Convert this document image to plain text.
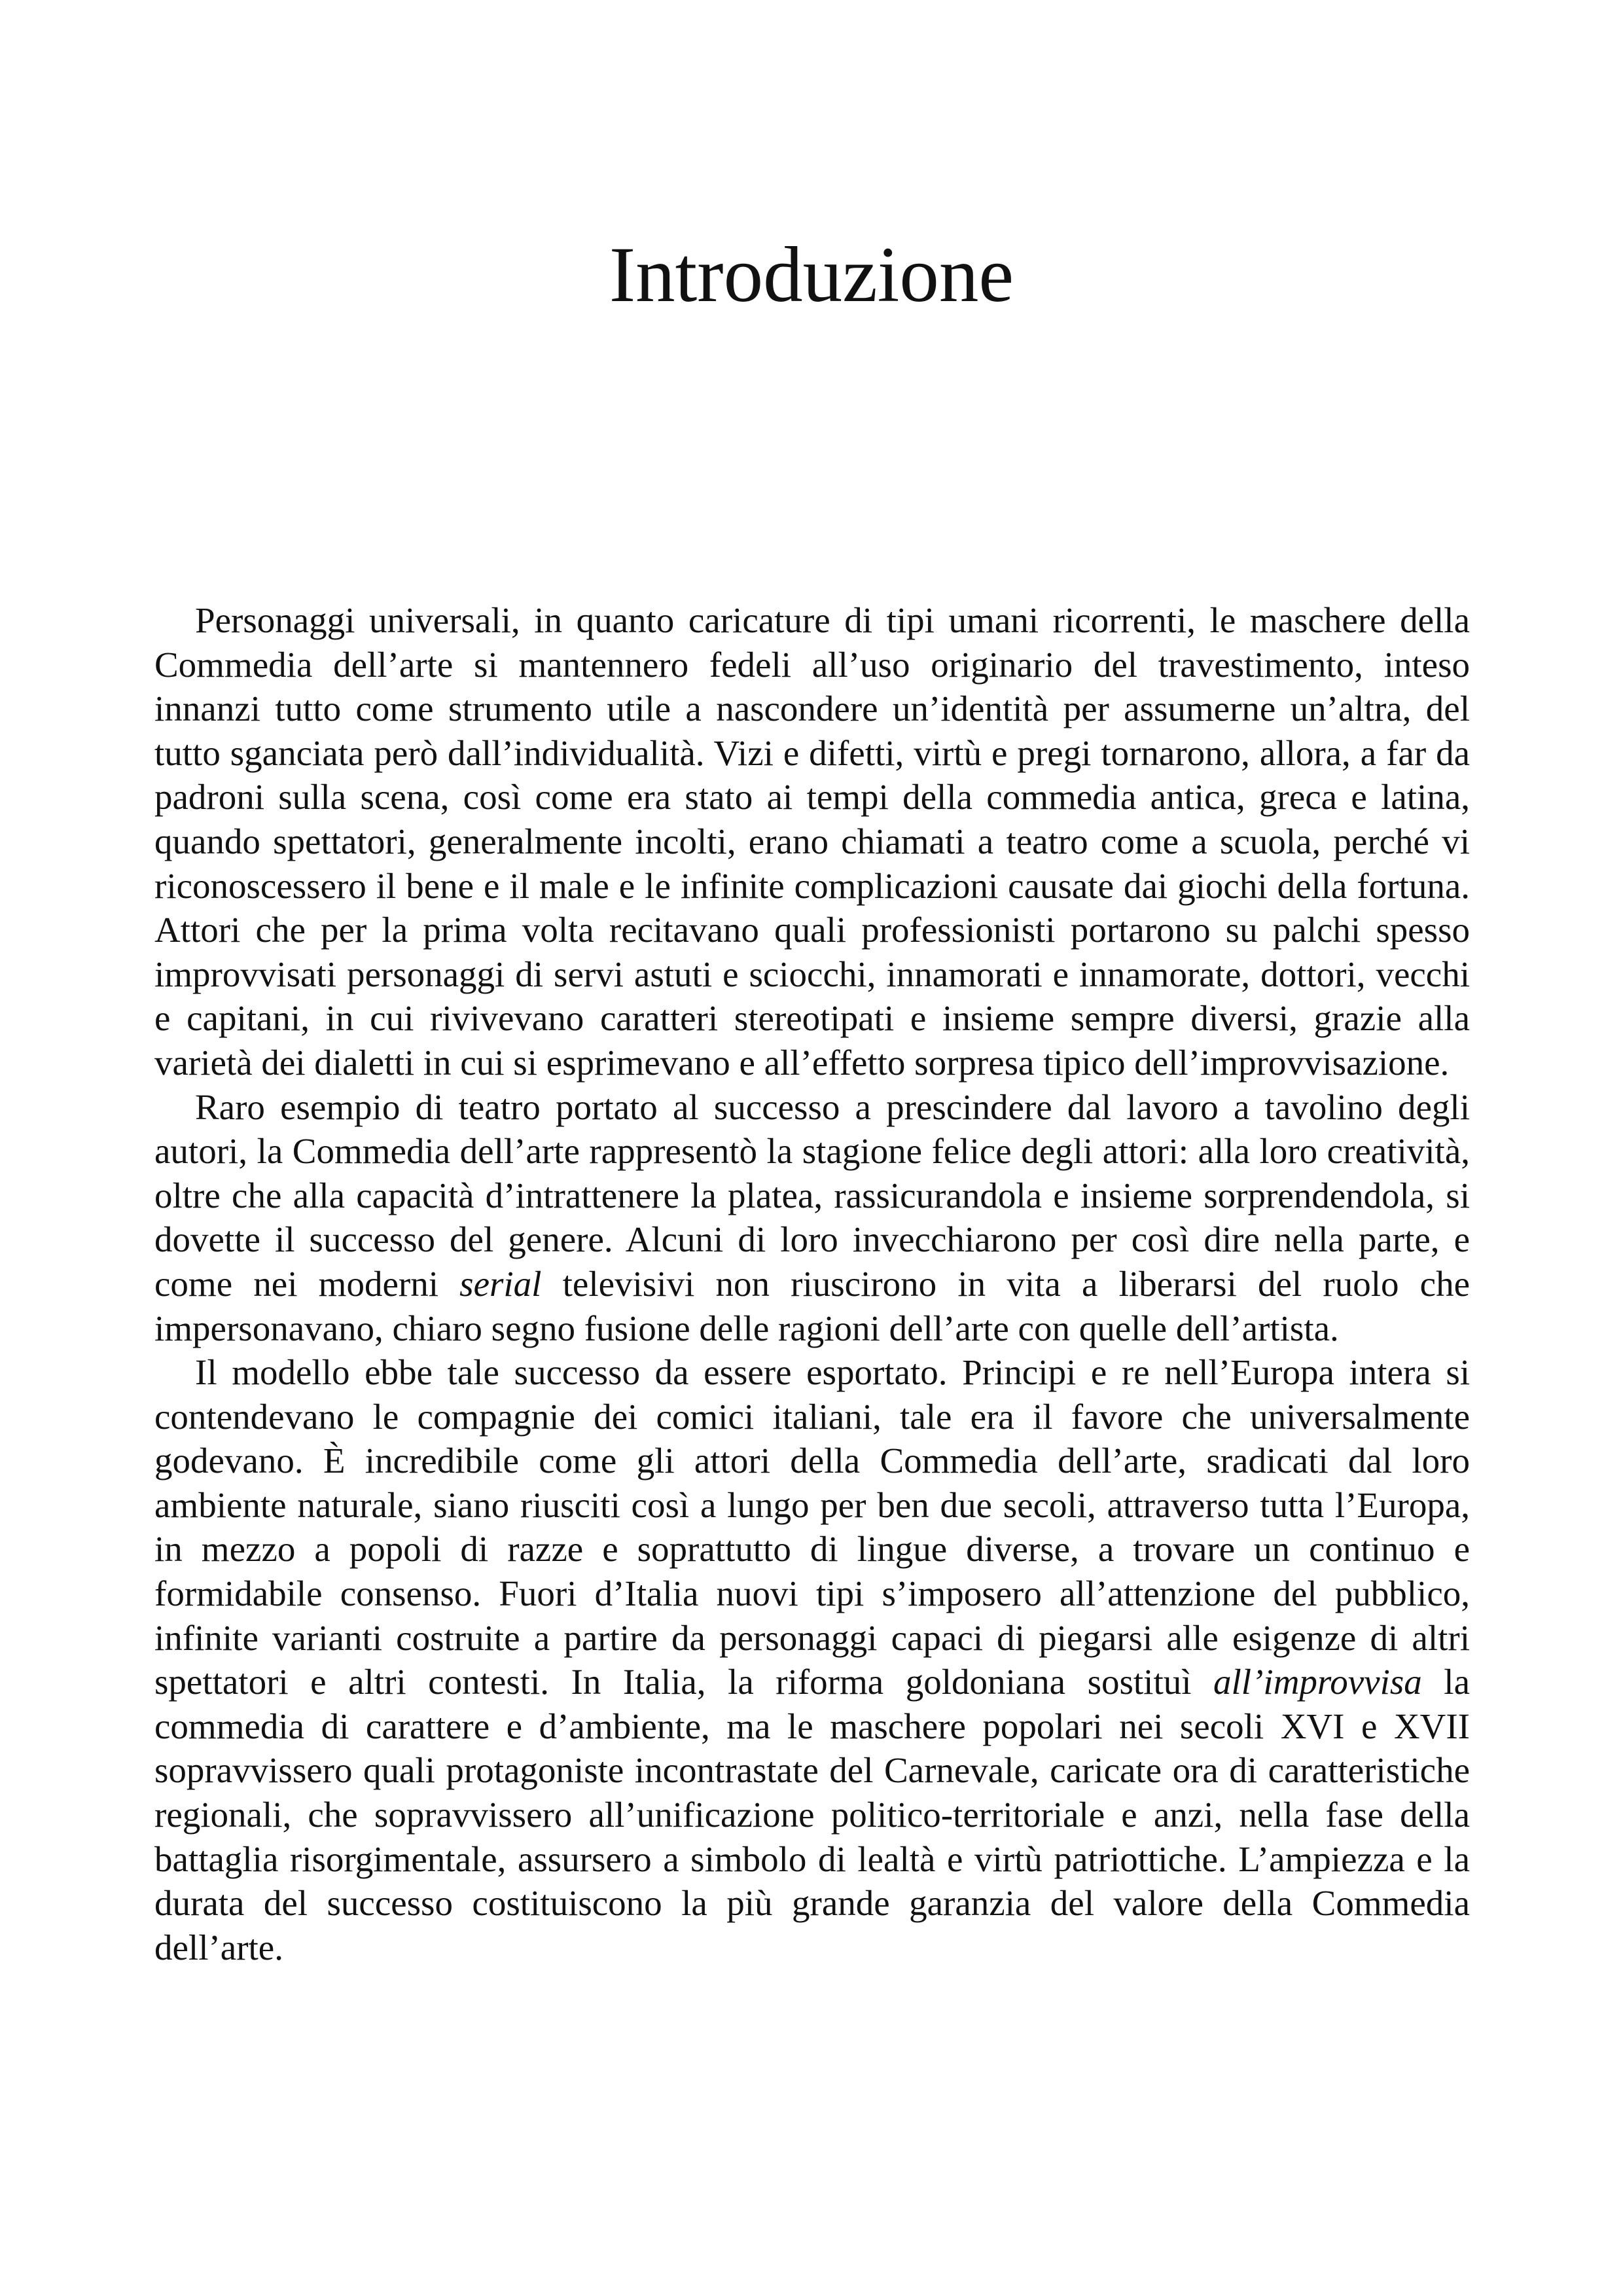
Introduzione

Personaggi universali, in quanto caricature di tipi umani ricorrenti, le maschere della Commedia dell’arte si mantennero fedeli all’uso originario del travestimento, inteso innanzi tutto come strumento utile a nascondere un’identità per assumerne un’altra, del tutto sganciata però dall’individualità. Vizi e difetti, virtù e pregi tornarono, allora, a far da padroni sulla scena, così come era stato ai tempi della commedia antica, greca e latina, quando spettatori, generalmente incolti, erano chiamati a teatro come a scuola, perché vi riconoscessero il bene e il male e le infinite complicazioni causate dai giochi della fortuna. Attori che per la prima volta recitavano quali professionisti portarono su palchi spesso improvvisati personaggi di servi astuti e sciocchi, innamorati e innamorate, dottori, vecchi e capitani, in cui rivivevano caratteri stereotipati e insieme sempre diversi, grazie alla varietà dei dialetti in cui si esprimevano e all’effetto sorpresa tipico dell’improvvisazione.

Raro esempio di teatro portato al successo a prescindere dal lavoro a tavolino degli autori, la Commedia dell’arte rappresentò la stagione felice degli attori: alla loro creatività, oltre che alla capacità d’intrattenere la platea, rassicurandola e insieme sorprendendola, si dovette il successo del genere. Alcuni di loro invecchiarono per così dire nella parte, e come nei moderni serial televisivi non riuscirono in vita a liberarsi del ruolo che impersonavano, chiaro segno fusione delle ragioni dell’arte con quelle dell’artista.

Il modello ebbe tale successo da essere esportato. Principi e re nell’Europa intera si contendevano le compagnie dei comici italiani, tale era il favore che universalmente godevano. È incredibile come gli attori della Commedia dell’arte, sradicati dal loro ambiente naturale, siano riusciti così a lungo per ben due secoli, attraverso tutta l’Europa, in mezzo a popoli di razze e soprattutto di lingue diverse, a trovare un continuo e formidabile consenso. Fuori d’Italia nuovi tipi s’imposero all’attenzione del pubblico, infinite varianti costruite a partire da personaggi capaci di piegarsi alle esigenze di altri spettatori e altri contesti. In Italia, la riforma goldoniana sostituì all’improvvisa la commedia di carattere e d’ambiente, ma le maschere popolari nei secoli XVI e XVII sopravvissero quali protagoniste incontrastate del Carnevale, caricate ora di caratteristiche regionali, che sopravvissero all’unificazione politico-territoriale e anzi, nella fase della battaglia risorgimentale, assursero a simbolo di lealtà e virtù patriottiche. L’ampiezza e la durata del successo costituiscono la più grande garanzia del valore della Commedia dell’arte.
